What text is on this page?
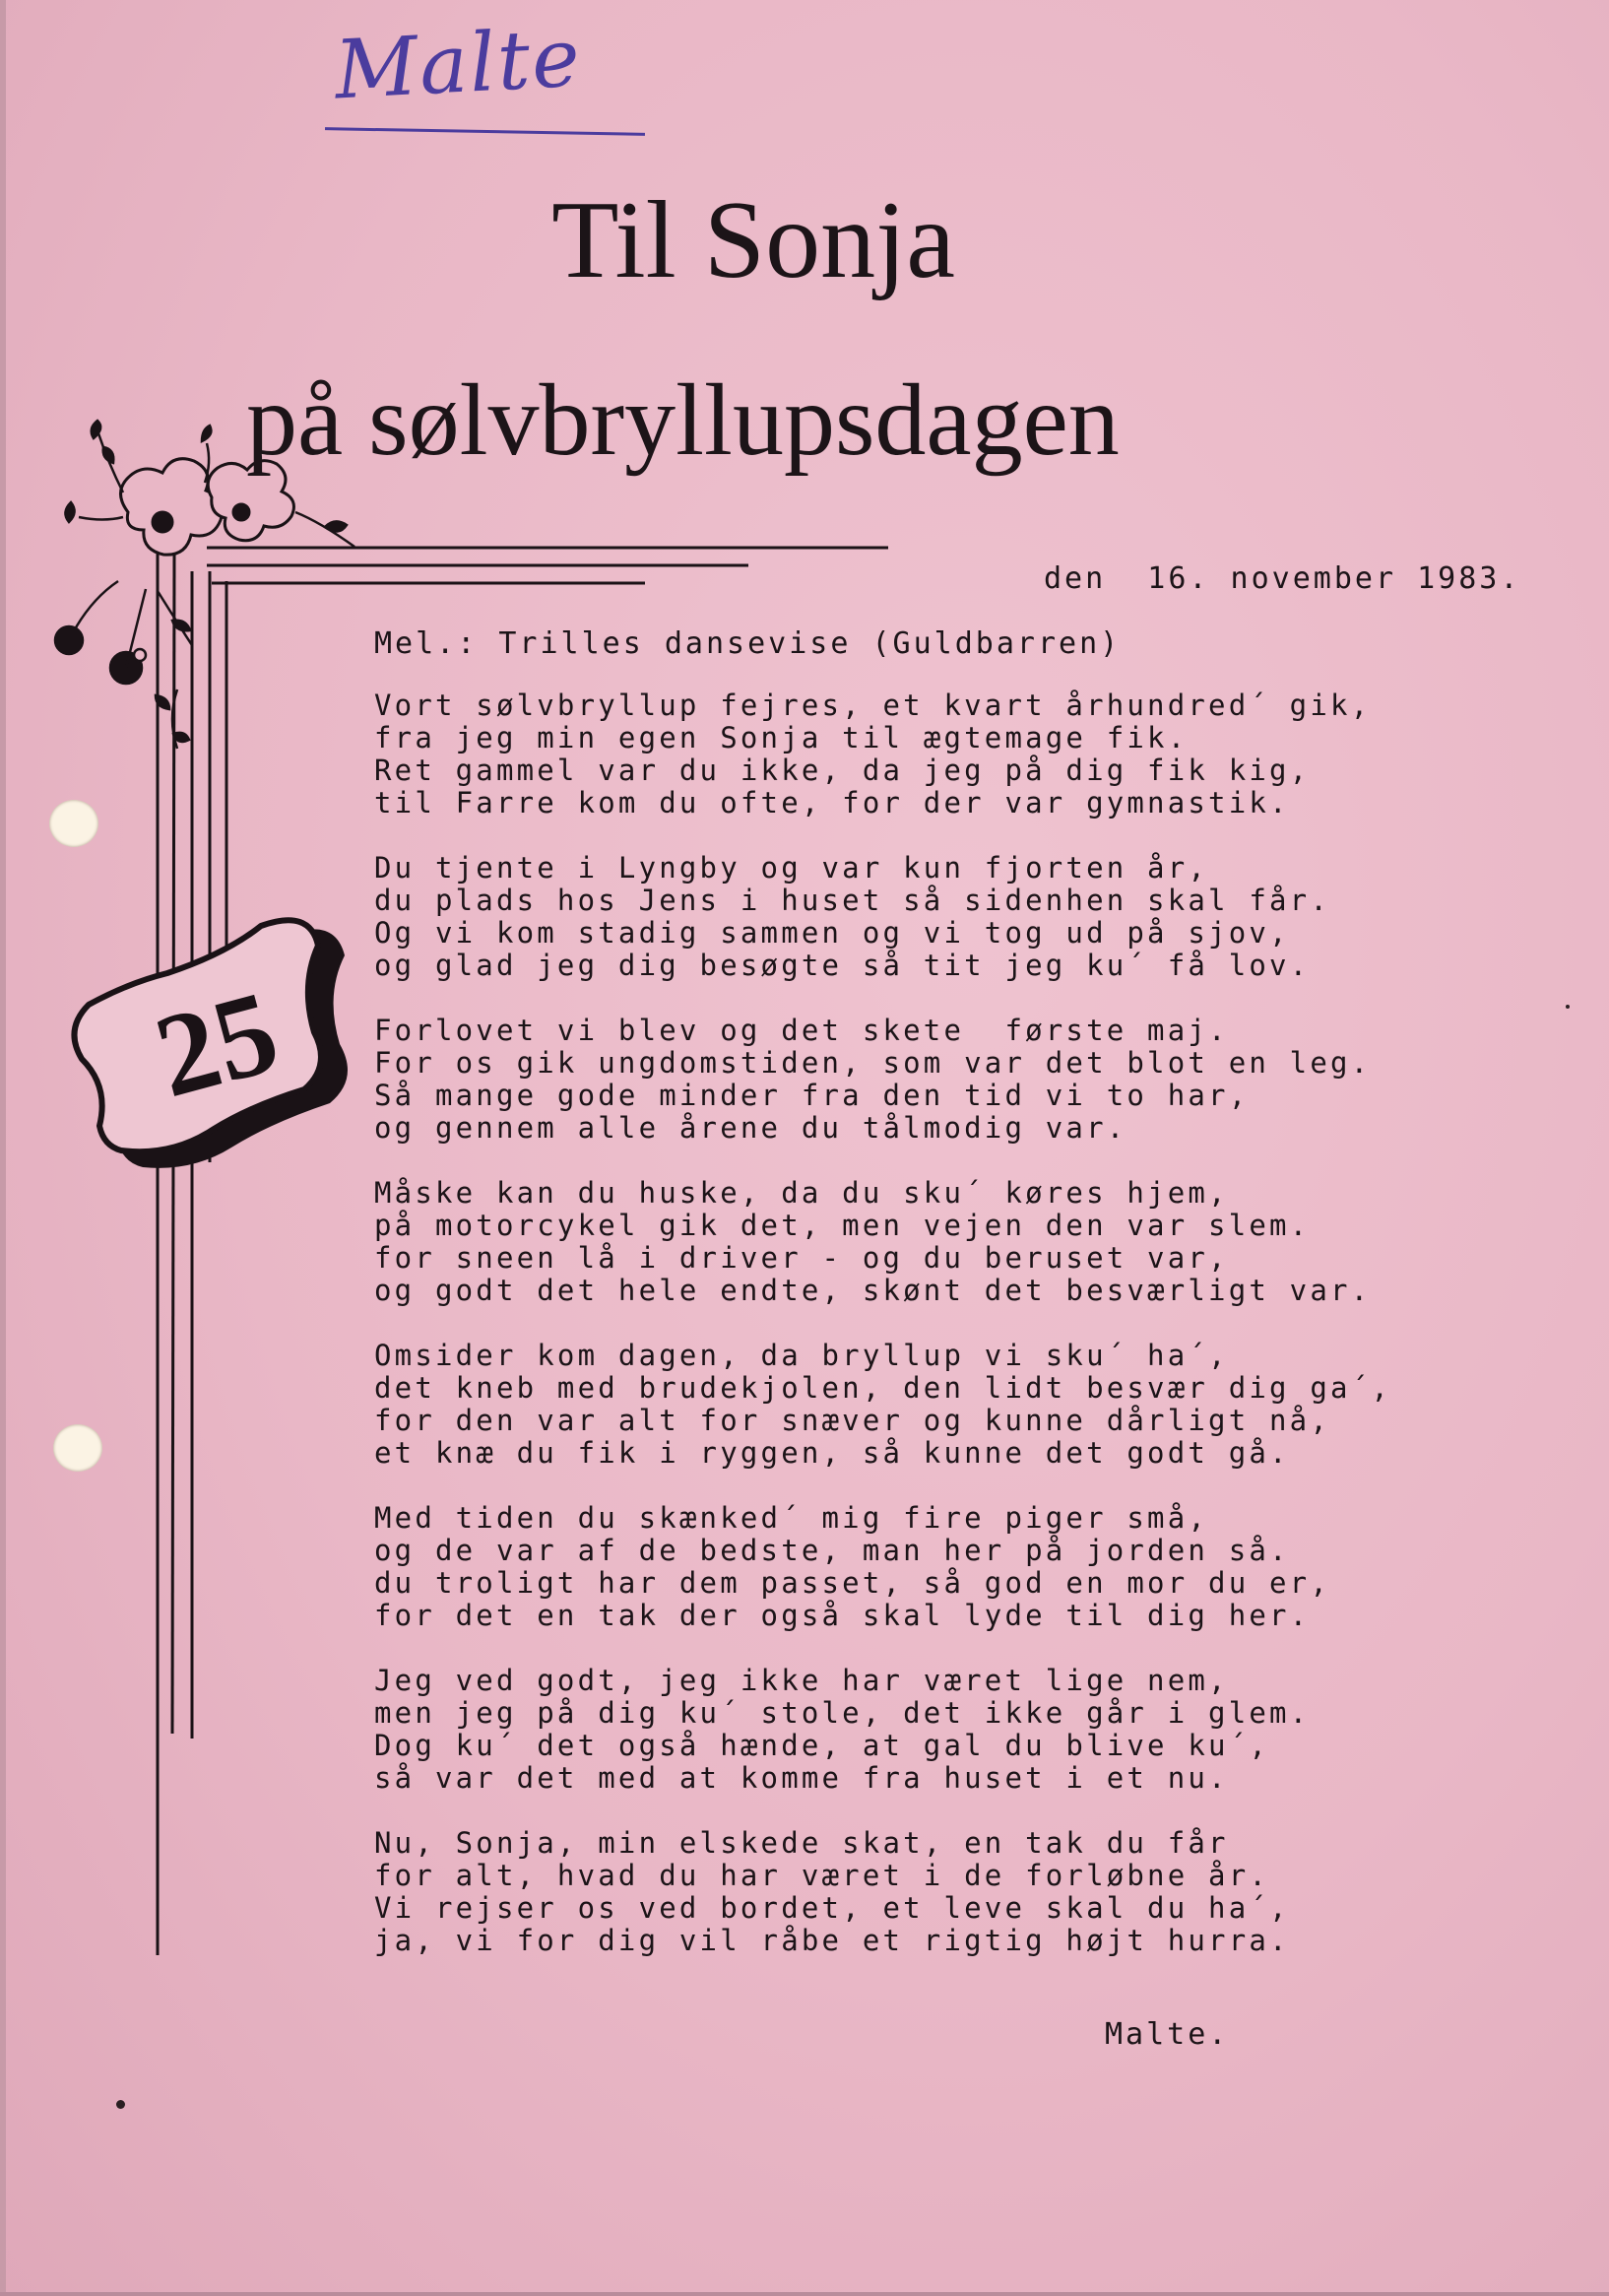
25
Malte
Til Sonja
på sølvbryllupsdagen
den  16. november 1983.
Mel.: Trilles dansevise (Guldbarren)
Vort sølvbryllup fejres, et kvart århundred´ gik,
fra jeg min egen Sonja til ægtemage fik.
Ret gammel var du ikke, da jeg på dig fik kig,
til Farre kom du ofte, for der var gymnastik.
Du tjente i Lyngby og var kun fjorten år,
du plads hos Jens i huset så sidenhen skal får.
Og vi kom stadig sammen og vi tog ud på sjov,
og glad jeg dig besøgte så tit jeg ku´ få lov.
Forlovet vi blev og det skete  første maj.
For os gik ungdomstiden, som var det blot en leg.
Så mange gode minder fra den tid vi to har,
og gennem alle årene du tålmodig var.
Måske kan du huske, da du sku´ køres hjem,
på motorcykel gik det, men vejen den var slem.
for sneen lå i driver - og du beruset var,
og godt det hele endte, skønt det besværligt var.
Omsider kom dagen, da bryllup vi sku´ ha´,
det kneb med brudekjolen, den lidt besvær dig ga´,
for den var alt for snæver og kunne dårligt nå,
et knæ du fik i ryggen, så kunne det godt gå.
Med tiden du skænked´ mig fire piger små,
og de var af de bedste, man her på jorden så.
du troligt har dem passet, så god en mor du er,
for det en tak der også skal lyde til dig her.
Jeg ved godt, jeg ikke har været lige nem,
men jeg på dig ku´ stole, det ikke går i glem.
Dog ku´ det også hænde, at gal du blive ku´,
så var det med at komme fra huset i et nu.
Nu, Sonja, min elskede skat, en tak du får
for alt, hvad du har været i de forløbne år.
Vi rejser os ved bordet, et leve skal du ha´,
ja, vi for dig vil råbe et rigtig højt hurra.
Malte.
